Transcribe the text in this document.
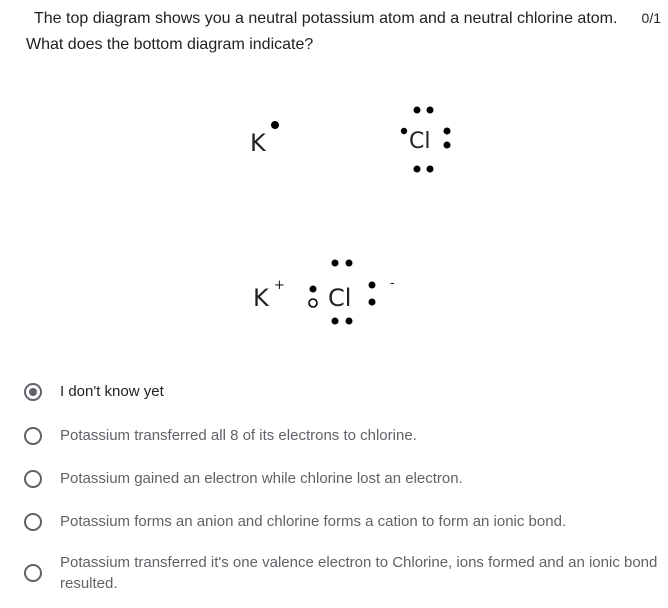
The top diagram shows you a neutral potassium atom and a neutral chlorine atom. What does the bottom diagram indicate?
0/1
K	Cl
K + Cl
-
I don't know yet
Potassium transferred all 8 of its electrons to chlorine.
Potassium gained an electron while chlorine lost an electron.
Potassium forms an anion and chlorine forms a cation to form an ionic bond.
Potassium transferred it's one valence electron to Chlorine, ions formed and an ionic bond resulted.
